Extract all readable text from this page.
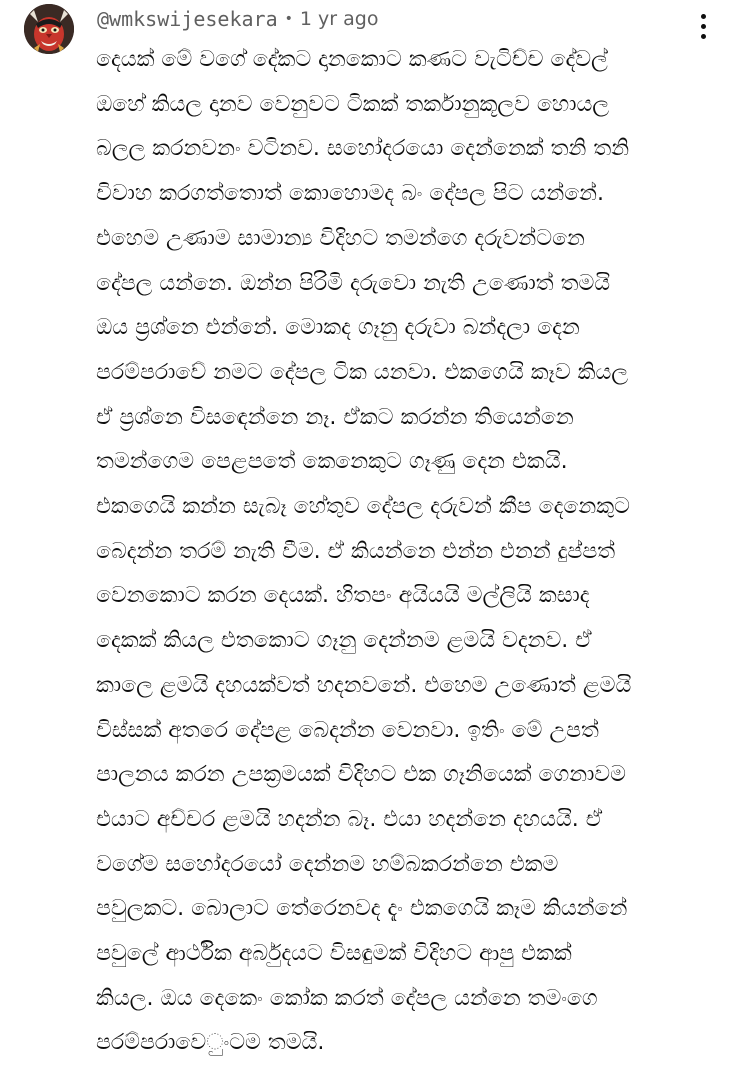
@wmkswijesekara • 1 yr ago

දෙයක් මේ වගේ දේකට දානකොට කණට වැටිච්ච දේවල්
ඔහේ කියල දානව වෙනුවට ටිකක් තර්කානුකූලව හොයල
බලල කරනවනං වටිනව. සහෝදරයො දෙන්නෙක් තනි තනි
විවාහ කරගත්තොත් කොහොමද බං දේපල පිට යන්නේ.
එහෙම උණාම සාමාන්‍ය විදිහට තමන්ගෙ දරුවන්ටනෙ
දේපල යන්නෙ. ඔන්න පිරිමි දරුවො නැති උණොත් තමයි
ඔය ප්‍රශ්නෙ එන්නේ. මොකද ගෑනු දරුවා බන්දලා දෙන
පරම්පරාවේ නමට දේපල ටික යනවා. එකගෙයි කෑව කියල
ඒ ප්‍රශ්නෙ විසඳෙන්නෙ නෑ. ඒකට කරන්න තියෙන්නෙ
තමන්ගෙම පෙළපතේ කෙනෙකුට ගෑණු දෙන එකයි.
එකගෙයි කන්න සැබෑ හේතුව දේපල දරුවන් කීප දෙනෙකුට
බෙදන්න තරම් නැති වීම. ඒ කියන්නෙ එන්න එනන් දුප්පත්
වෙනකොට කරන දෙයක්. හිතපං අයියයි මල්ලියි කසාද
දෙකක් කියල එතකොට ගෑනු දෙන්නම ළමයි වදනව. ඒ
කාලෙ ළමයි දහයක්වත් හදනවනේ. එහෙම උණොත් ළමයි
විස්සක් අතරෙ දේපළ බෙදන්න වෙනවා. ඉතිං මේ උපත්
පාලනය කරන උපක්‍රමයක් විදිහට එක ගෑනියෙක් ගෙනාවම
එයාට අච්චර ළමයි හදන්න බෑ. එයා හදන්නෙ දහයයි. ඒ
වගේම සහෝදරයෝ දෙන්නම හම්බකරන්නෙ එකම
පවුලකට. බොලාට තේරෙනවද දැං එකගෙයි කෑම කියන්නේ
පවුලේ ආර්ථික අර්බුදයට විසඳුමක් විදිහට ආපු එකක්
කියල. ඔය දෙකෙං කෝක කරත් දේපල යන්නෙ තමංගෙ
පරම්පරාවෙ◌ුංටම තමයි.
